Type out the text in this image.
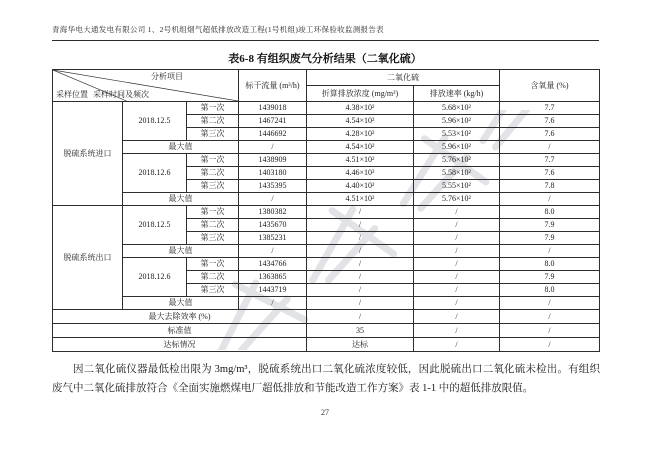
青海华电大通发电有限公司 1、2号机组烟气超低排放改造工程(1号机组)竣工环保验收监测报告表
表6-8 有组织废气分析结果（二氧化硫）
分析项目
采样时间及频次
采样位置			标干流量 (m³/h)	二氧化硫		含氧量 (%)
				折算排放浓度 (mg/m³)	排放速率 (kg/h)	
脱硫系统进口	2018.12.5	第一次	1439018	4.38×10²	5.68×10²	7.7
		第二次	1467241	4.54×10²	5.96×10²	7.6
		第三次	1446692	4.28×10²	5.53×10²	7.6
	最大值		/	4.54×10²	5.96×10²	/
	2018.12.6	第一次	1438909	4.51×10²	5.76×10²	7.7
		第二次	1403180	4.46×10²	5.58×10²	7.6
		第三次	1435395	4.40×10²	5.55×10²	7.8
	最大值		/	4.51×10²	5.76×10²	/
脱硫系统出口	2018.12.5	第一次	1380382	/	/	8.0
		第二次	1435670	/	/	7.9
		第三次	1385231	/	/	7.9
	最大值		/	/	/	/
	2018.12.6	第一次	1434766	/	/	8.0
		第二次	1363865	/	/	7.9
		第三次	1443719	/	/	8.0
	最大值		/	/	/	/
最大去除效率 (%)				/	/	/
标准值				35	/	/
达标情况				达标	/	/

因二氧化硫仪器最低检出限为 3mg/m³，脱硫系统出口二氧化硫浓度较低，因此脱硫出口二氧化硫未检出。有组织废气中二氧化硫排放符合《全面实施燃煤电厂超低排放和节能改造工作方案》表 1-1 中的超低排放限值。

27
